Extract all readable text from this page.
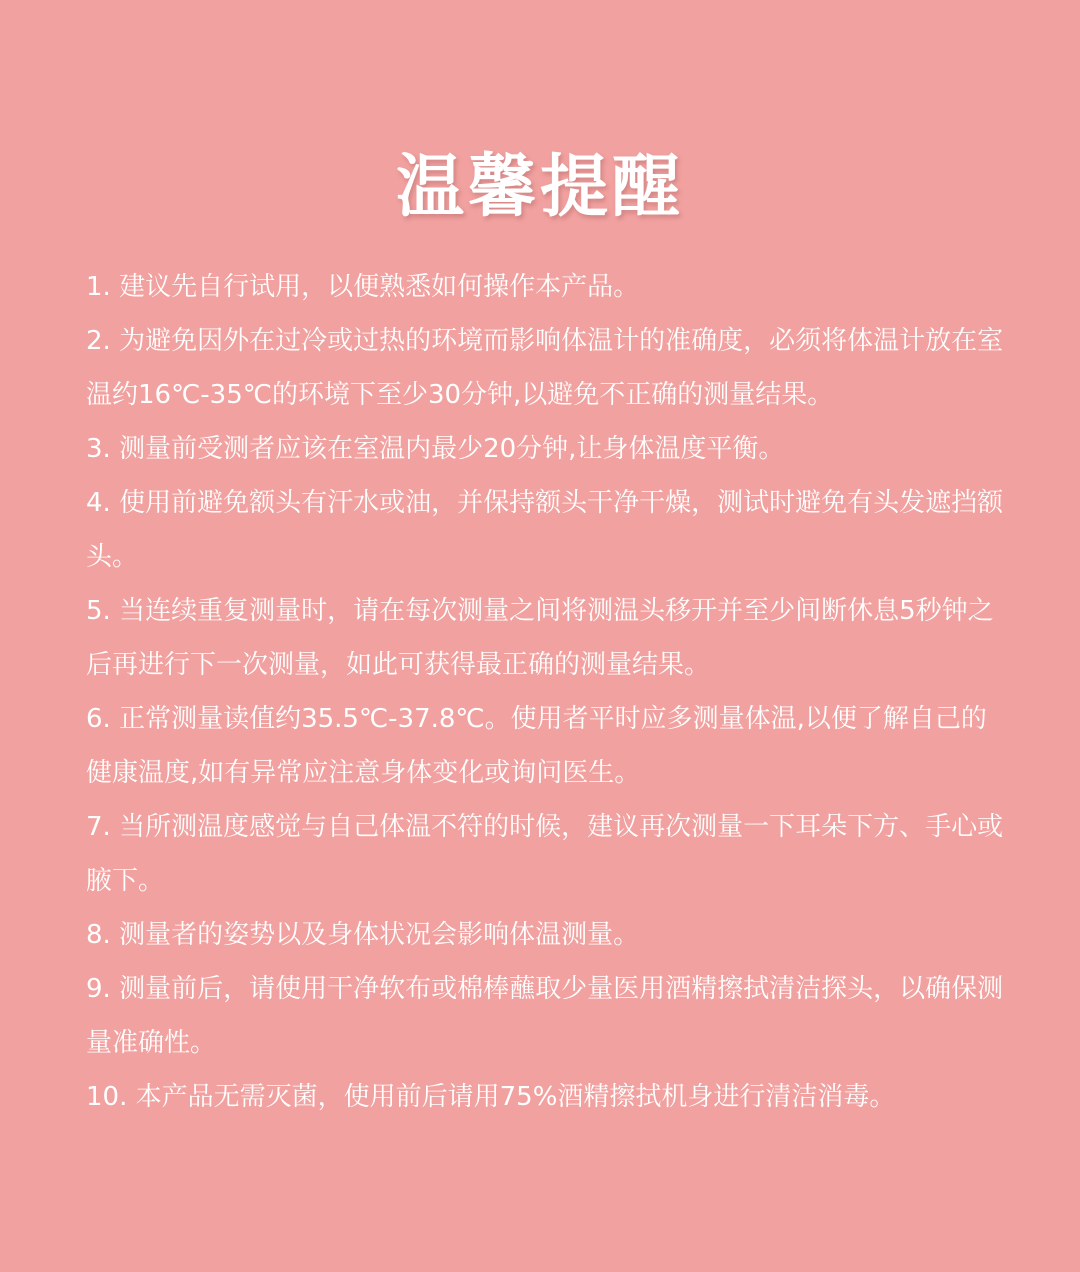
温馨提醒
1. 建议先自行试用，以便熟悉如何操作本产品。
2. 为避免因外在过冷或过热的环境而影响体温计的准确度，必须将体温计放在室温约16℃-35℃的环境下至少30分钟,以避免不正确的测量结果。
3. 测量前受测者应该在室温内最少20分钟,让身体温度平衡。
4. 使用前避免额头有汗水或油，并保持额头干净干燥，测试时避免有头发遮挡额头。
5. 当连续重复测量时，请在每次测量之间将测温头移开并至少间断休息5秒钟之后再进行下一次测量，如此可获得最正确的测量结果。
6. 正常测量读值约35.5℃-37.8℃。使用者平时应多测量体温,以便了解自己的健康温度,如有异常应注意身体变化或询问医生。
7. 当所测温度感觉与自己体温不符的时候，建议再次测量一下耳朵下方、手心或腋下。
8. 测量者的姿势以及身体状况会影响体温测量。
9. 测量前后，请使用干净软布或棉棒蘸取少量医用酒精擦拭清洁探头，以确保测量准确性。
10. 本产品无需灭菌，使用前后请用75%酒精擦拭机身进行清洁消毒。
